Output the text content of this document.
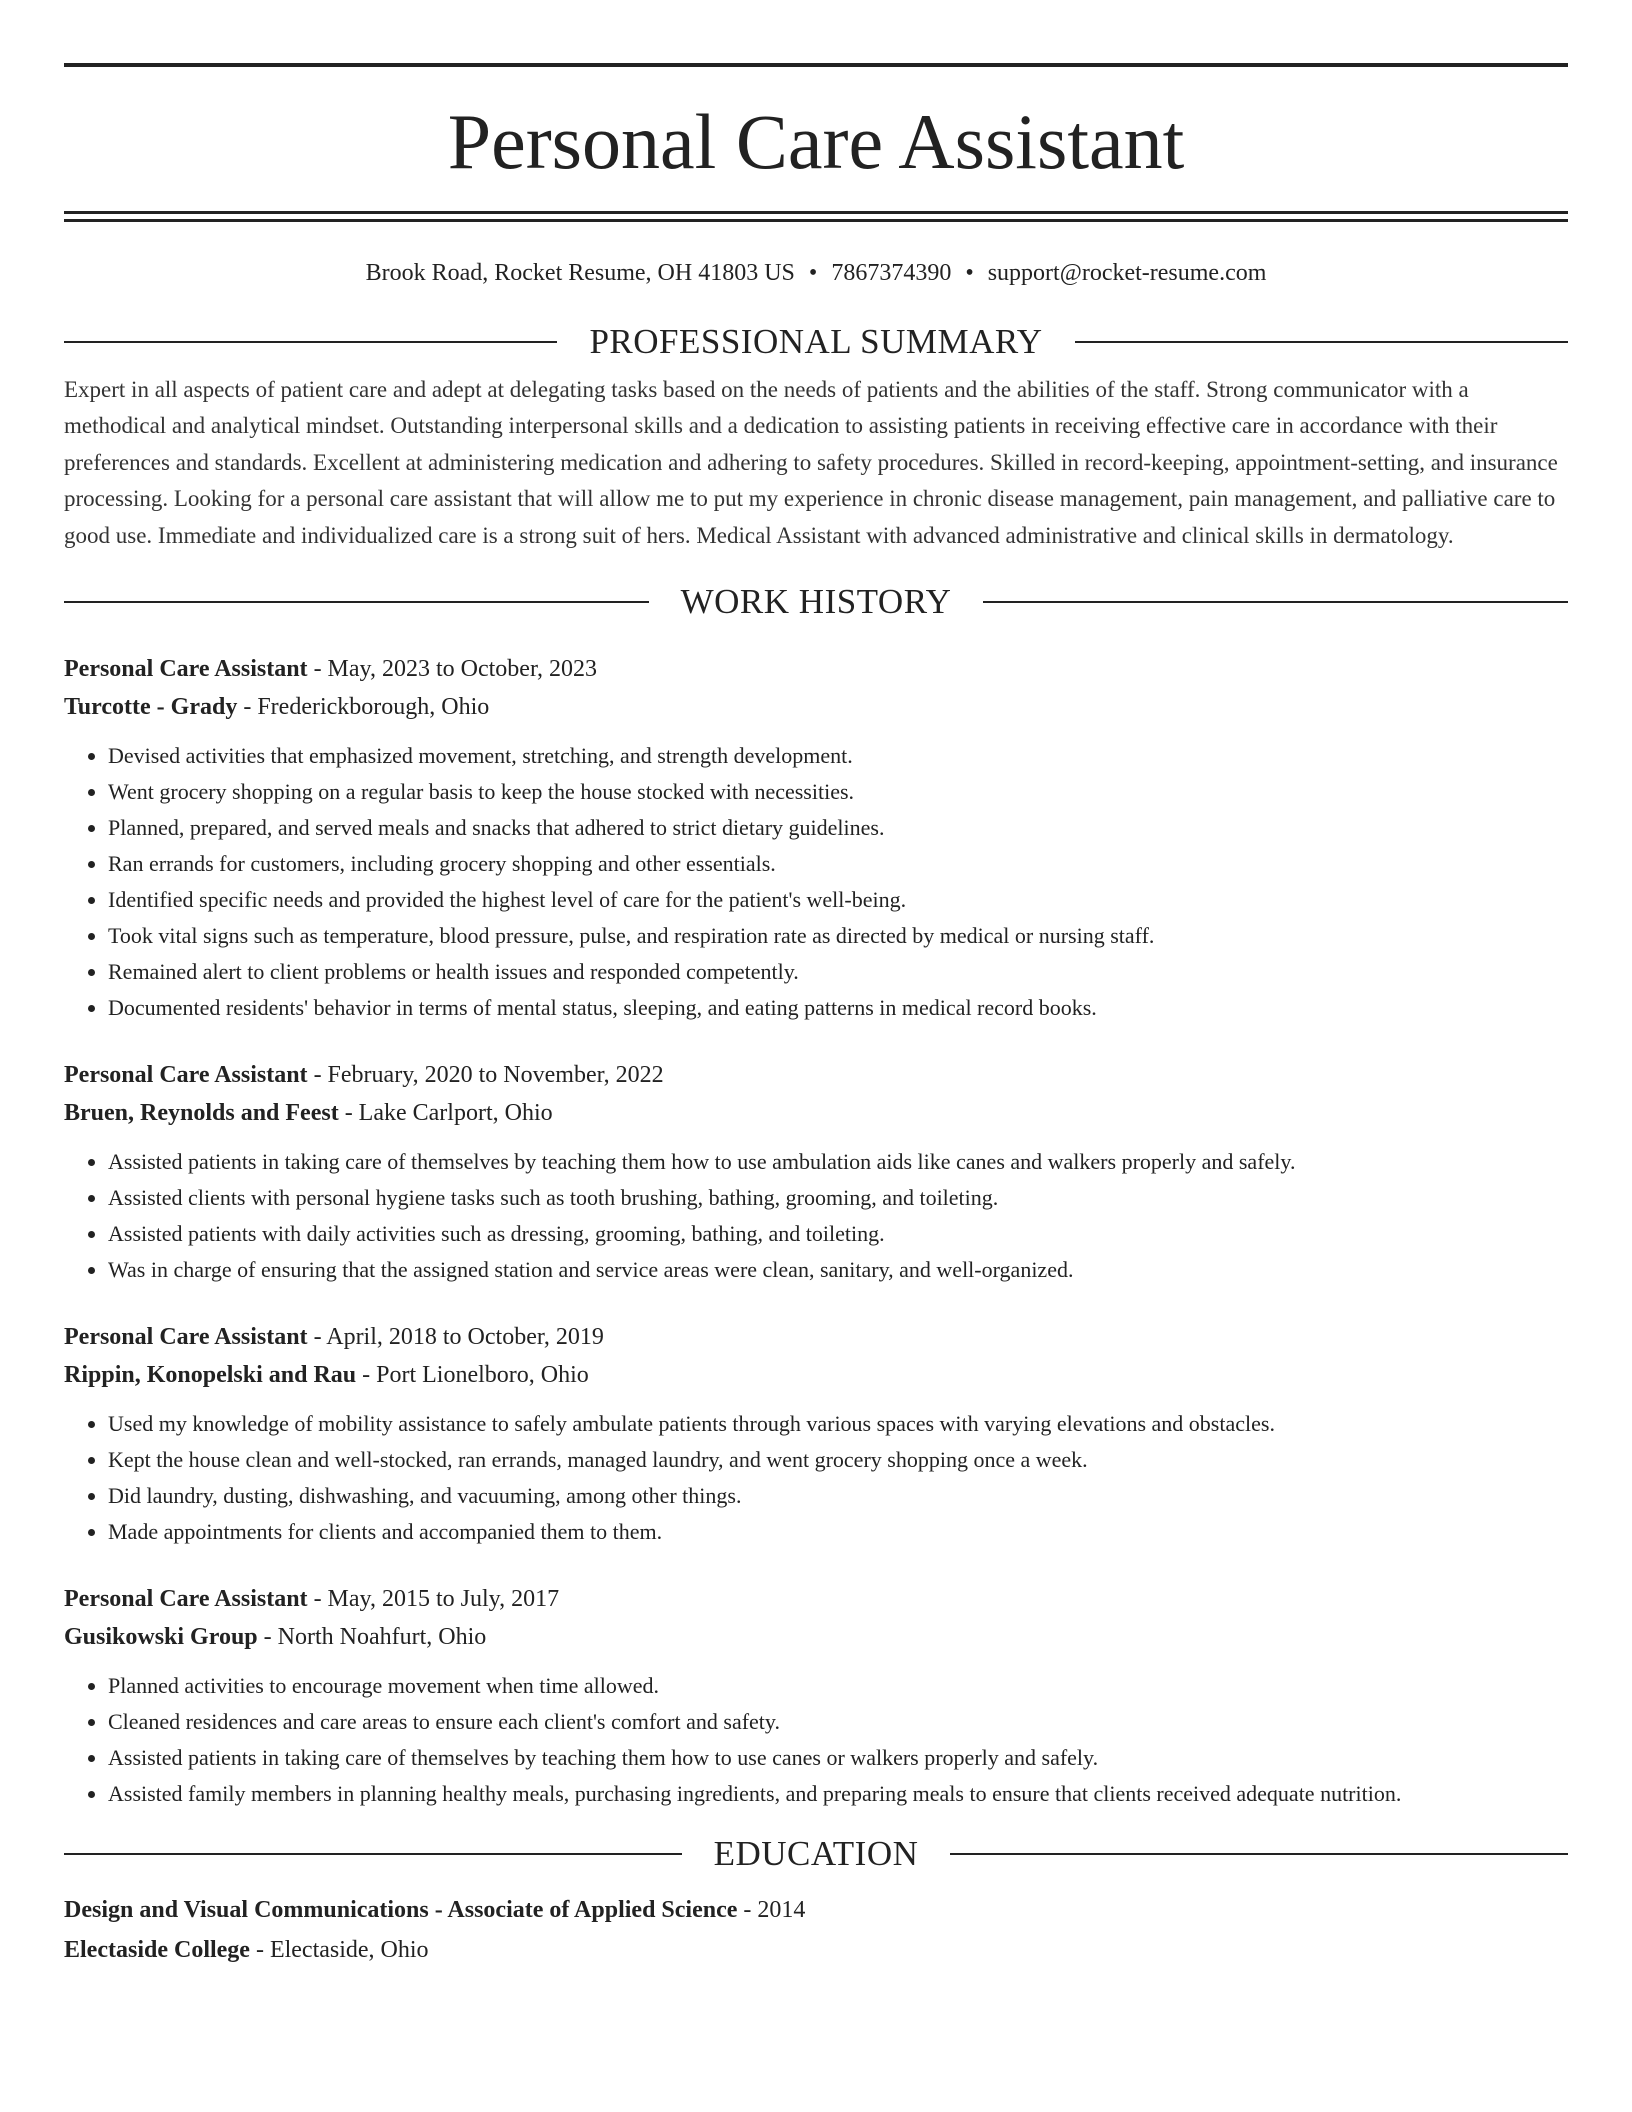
Personal Care Assistant
Brook Road, Rocket Resume, OH 41803 US • 7867374390 • support@rocket-resume.com
PROFESSIONAL SUMMARY
Expert in all aspects of patient care and adept at delegating tasks based on the needs of patients and the abilities of the staff. Strong communicator with a methodical and analytical mindset. Outstanding interpersonal skills and a dedication to assisting patients in receiving effective care in accordance with their preferences and standards. Excellent at administering medication and adhering to safety procedures. Skilled in record-keeping, appointment-setting, and insurance processing. Looking for a personal care assistant that will allow me to put my experience in chronic disease management, pain management, and palliative care to good use. Immediate and individualized care is a strong suit of hers. Medical Assistant with advanced administrative and clinical skills in dermatology.
WORK HISTORY
Personal Care Assistant - May, 2023 to October, 2023
Turcotte - Grady - Frederickborough, Ohio
• Devised activities that emphasized movement, stretching, and strength development.
• Went grocery shopping on a regular basis to keep the house stocked with necessities.
• Planned, prepared, and served meals and snacks that adhered to strict dietary guidelines.
• Ran errands for customers, including grocery shopping and other essentials.
• Identified specific needs and provided the highest level of care for the patient's well-being.
• Took vital signs such as temperature, blood pressure, pulse, and respiration rate as directed by medical or nursing staff.
• Remained alert to client problems or health issues and responded competently.
• Documented residents' behavior in terms of mental status, sleeping, and eating patterns in medical record books.
Personal Care Assistant - February, 2020 to November, 2022
Bruen, Reynolds and Feest - Lake Carlport, Ohio
• Assisted patients in taking care of themselves by teaching them how to use ambulation aids like canes and walkers properly and safely.
• Assisted clients with personal hygiene tasks such as tooth brushing, bathing, grooming, and toileting.
• Assisted patients with daily activities such as dressing, grooming, bathing, and toileting.
• Was in charge of ensuring that the assigned station and service areas were clean, sanitary, and well-organized.
Personal Care Assistant - April, 2018 to October, 2019
Rippin, Konopelski and Rau - Port Lionelboro, Ohio
• Used my knowledge of mobility assistance to safely ambulate patients through various spaces with varying elevations and obstacles.
• Kept the house clean and well-stocked, ran errands, managed laundry, and went grocery shopping once a week.
• Did laundry, dusting, dishwashing, and vacuuming, among other things.
• Made appointments for clients and accompanied them to them.
Personal Care Assistant - May, 2015 to July, 2017
Gusikowski Group - North Noahfurt, Ohio
• Planned activities to encourage movement when time allowed.
• Cleaned residences and care areas to ensure each client's comfort and safety.
• Assisted patients in taking care of themselves by teaching them how to use canes or walkers properly and safely.
• Assisted family members in planning healthy meals, purchasing ingredients, and preparing meals to ensure that clients received adequate nutrition.
EDUCATION
Design and Visual Communications - Associate of Applied Science - 2014
Electaside College - Electaside, Ohio
